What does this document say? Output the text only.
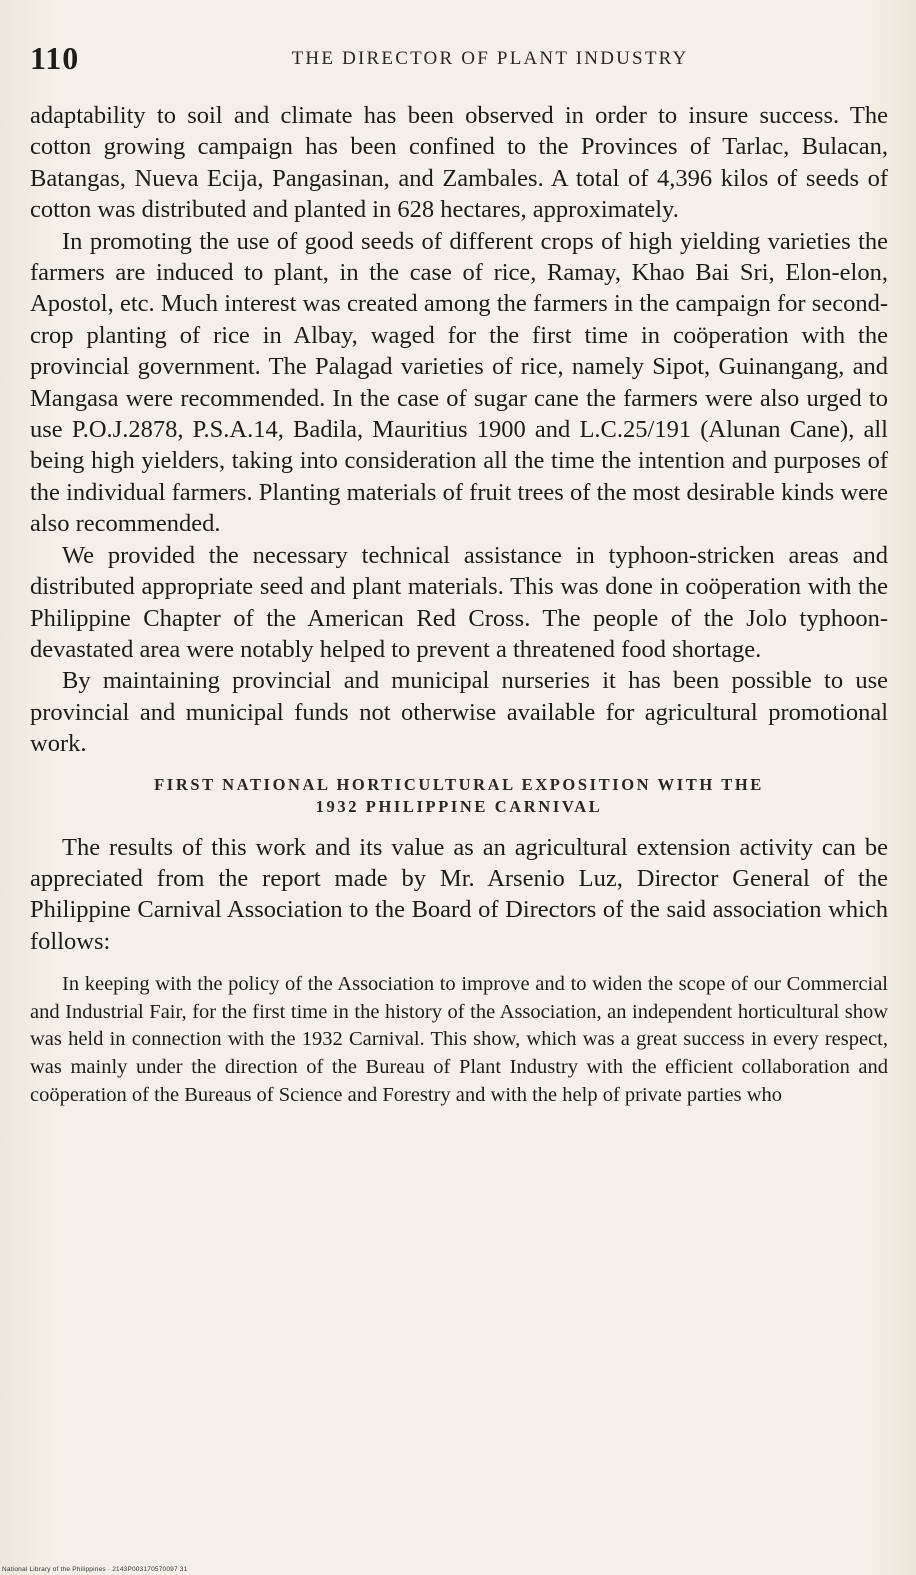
110	THE DIRECTOR OF PLANT INDUSTRY

adaptability to soil and climate has been observed in order to insure success. The cotton growing campaign has been confined to the Provinces of Tarlac, Bulacan, Batangas, Nueva Ecija, Pangasinan, and Zambales. A total of 4,396 kilos of seeds of cotton was distributed and planted in 628 hectares, approximately.

In promoting the use of good seeds of different crops of high yielding varieties the farmers are induced to plant, in the case of rice, Ramay, Khao Bai Sri, Elon-elon, Apostol, etc. Much interest was created among the farmers in the campaign for second-crop planting of rice in Albay, waged for the first time in coöperation with the provincial government. The Palagad varieties of rice, namely Sipot, Guinangang, and Mangasa were recommended. In the case of sugar cane the farmers were also urged to use P.O.J.2878, P.S.A.14, Badila, Mauritius 1900 and L.C.25/191 (Alunan Cane), all being high yielders, taking into consideration all the time the intention and purposes of the individual farmers. Planting materials of fruit trees of the most desirable kinds were also recommended.

We provided the necessary technical assistance in typhoon-stricken areas and distributed appropriate seed and plant materials. This was done in coöperation with the Philippine Chapter of the American Red Cross. The people of the Jolo typhoon-devastated area were notably helped to prevent a threatened food shortage.

By maintaining provincial and municipal nurseries it has been possible to use provincial and municipal funds not otherwise available for agricultural promotional work.

FIRST NATIONAL HORTICULTURAL EXPOSITION WITH THE
1932 PHILIPPINE CARNIVAL

The results of this work and its value as an agricultural extension activity can be appreciated from the report made by Mr. Arsenio Luz, Director General of the Philippine Carnival Association to the Board of Directors of the said association which follows:

In keeping with the policy of the Association to improve and to widen the scope of our Commercial and Industrial Fair, for the first time in the history of the Association, an independent horticultural show was held in connection with the 1932 Carnival. This show, which was a great success in every respect, was mainly under the direction of the Bureau of Plant Industry with the efficient collaboration and coöperation of the Bureaus of Science and Forestry and with the help of private parties who

National Library of the Philippines · 2143P003170570097 31
